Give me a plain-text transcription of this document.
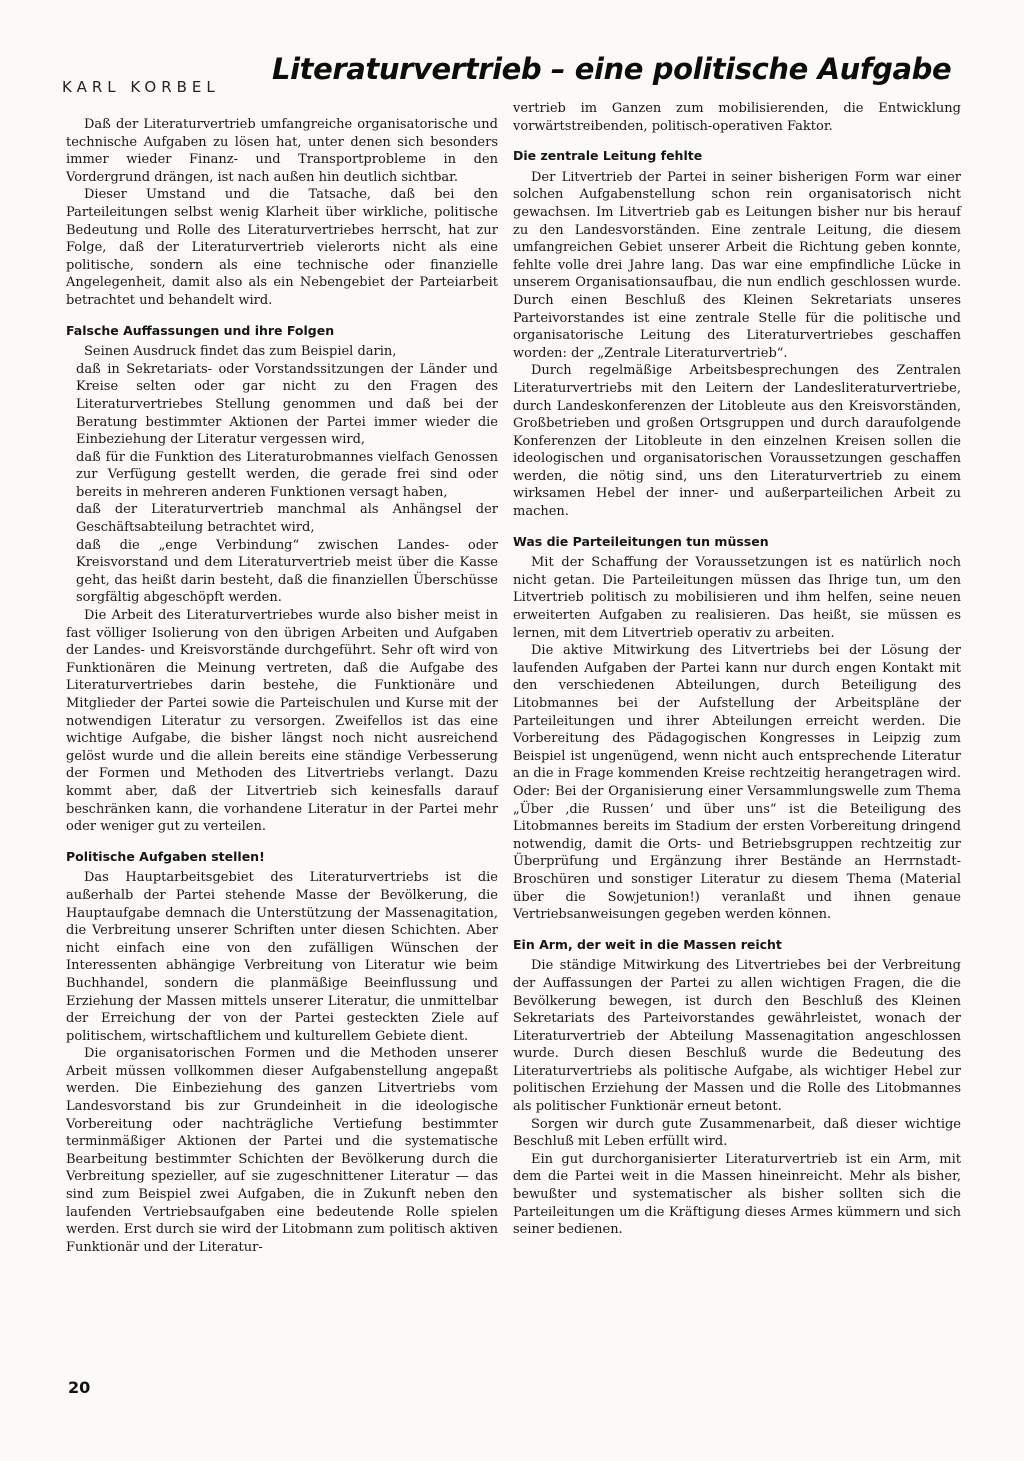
KARL KORBEL
Literaturvertrieb – eine politische Aufgabe

Daß der Literaturvertrieb umfangreiche organisatorische und technische Aufgaben zu lösen hat, unter denen sich besonders immer wieder Finanz- und Transportprobleme in den Vordergrund drängen, ist nach außen hin deutlich sichtbar.

Dieser Umstand und die Tatsache, daß bei den Parteileitungen selbst wenig Klarheit über wirkliche, politische Bedeutung und Rolle des Literaturvertriebes herrscht, hat zur Folge, daß der Literaturvertrieb vielerorts nicht als eine politische, sondern als eine technische oder finanzielle Angelegenheit, damit also als ein Nebengebiet der Parteiarbeit betrachtet und behandelt wird.

Falsche Auffassungen und ihre Folgen

Seinen Ausdruck findet das zum Beispiel darin,

daß in Sekretariats- oder Vorstandssitzungen der Länder und Kreise selten oder gar nicht zu den Fragen des Literaturvertriebes Stellung genommen und daß bei der Beratung bestimmter Aktionen der Partei immer wieder die Einbeziehung der Literatur vergessen wird,

daß für die Funktion des Literaturobmannes vielfach Genossen zur Verfügung gestellt werden, die gerade frei sind oder bereits in mehreren anderen Funktionen versagt haben,

daß der Literaturvertrieb manchmal als Anhängsel der Geschäftsabteilung betrachtet wird,

daß die „enge Verbindung“ zwischen Landes- oder Kreisvorstand und dem Literaturvertrieb meist über die Kasse geht, das heißt darin besteht, daß die finanziellen Überschüsse sorgfältig abgeschöpft werden.

Die Arbeit des Literaturvertriebes wurde also bisher meist in fast völliger Isolierung von den übrigen Arbeiten und Aufgaben der Landes- und Kreisvorstände durchgeführt. Sehr oft wird von Funktionären die Meinung vertreten, daß die Aufgabe des Literaturvertriebes darin bestehe, die Funktionäre und Mitglieder der Partei sowie die Parteischulen und Kurse mit der notwendigen Literatur zu versorgen. Zweifellos ist das eine wichtige Aufgabe, die bisher längst noch nicht ausreichend gelöst wurde und die allein bereits eine ständige Verbesserung der Formen und Methoden des Litvertriebs verlangt. Dazu kommt aber, daß der Litvertrieb sich keinesfalls darauf beschränken kann, die vorhandene Literatur in der Partei mehr oder weniger gut zu verteilen.

Politische Aufgaben stellen!

Das Hauptarbeitsgebiet des Literaturvertriebs ist die außerhalb der Partei stehende Masse der Bevölkerung, die Hauptaufgabe demnach die Unterstützung der Massenagitation, die Verbreitung unserer Schriften unter diesen Schichten. Aber nicht einfach eine von den zufälligen Wünschen der Interessenten abhängige Verbreitung von Literatur wie beim Buchhandel, sondern die planmäßige Beeinflussung und Erziehung der Massen mittels unserer Literatur, die unmittelbar der Erreichung der von der Partei gesteckten Ziele auf politischem, wirtschaftlichem und kulturellem Gebiete dient.

Die organisatorischen Formen und die Methoden unserer Arbeit müssen vollkommen dieser Aufgabenstellung angepaßt werden. Die Einbeziehung des ganzen Litvertriebs vom Landesvorstand bis zur Grundeinheit in die ideologische Vorbereitung oder nachträgliche Vertiefung bestimmter terminmäßiger Aktionen der Partei und die systematische Bearbeitung bestimmter Schichten der Bevölkerung durch die Verbreitung spezieller, auf sie zugeschnittener Literatur — das sind zum Beispiel zwei Aufgaben, die in Zukunft neben den laufenden Vertriebsaufgaben eine bedeutende Rolle spielen werden. Erst durch sie wird der Litobmann zum politisch aktiven Funktionär und der Literatur-

vertrieb im Ganzen zum mobilisierenden, die Entwicklung vorwärtstreibenden, politisch-operativen Faktor.

Die zentrale Leitung fehlte

Der Litvertrieb der Partei in seiner bisherigen Form war einer solchen Aufgabenstellung schon rein organisatorisch nicht gewachsen. Im Litvertrieb gab es Leitungen bisher nur bis herauf zu den Landesvorständen. Eine zentrale Leitung, die diesem umfangreichen Gebiet unserer Arbeit die Richtung geben konnte, fehlte volle drei Jahre lang. Das war eine empfindliche Lücke in unserem Organisationsaufbau, die nun endlich geschlossen wurde. Durch einen Beschluß des Kleinen Sekretariats unseres Parteivorstandes ist eine zentrale Stelle für die politische und organisatorische Leitung des Literaturvertriebes geschaffen worden: der „Zentrale Literaturvertrieb“.

Durch regelmäßige Arbeitsbesprechungen des Zentralen Literaturvertriebs mit den Leitern der Landesliteraturvertriebe, durch Landeskonferenzen der Litobleute aus den Kreisvorständen, Großbetrieben und großen Ortsgruppen und durch daraufolgende Konferenzen der Litobleute in den einzelnen Kreisen sollen die ideologischen und organisatorischen Voraussetzungen geschaffen werden, die nötig sind, uns den Literaturvertrieb zu einem wirksamen Hebel der inner- und außerparteilichen Arbeit zu machen.

Was die Parteileitungen tun müssen

Mit der Schaffung der Voraussetzungen ist es natürlich noch nicht getan. Die Parteileitungen müssen das Ihrige tun, um den Litvertrieb politisch zu mobilisieren und ihm helfen, seine neuen erweiterten Aufgaben zu realisieren. Das heißt, sie müssen es lernen, mit dem Litvertrieb operativ zu arbeiten.

Die aktive Mitwirkung des Litvertriebs bei der Lösung der laufenden Aufgaben der Partei kann nur durch engen Kontakt mit den verschiedenen Abteilungen, durch Beteiligung des Litobmannes bei der Aufstellung der Arbeitspläne der Parteileitungen und ihrer Abteilungen erreicht werden. Die Vorbereitung des Pädagogischen Kongresses in Leipzig zum Beispiel ist ungenügend, wenn nicht auch entsprechende Literatur an die in Frage kommenden Kreise rechtzeitig herangetragen wird. Oder: Bei der Organisierung einer Versammlungswelle zum Thema „Über ‚die Russen‘ und über uns“ ist die Beteiligung des Litobmannes bereits im Stadium der ersten Vorbereitung dringend notwendig, damit die Orts- und Betriebsgruppen rechtzeitig zur Überprüfung und Ergänzung ihrer Bestände an Herrnstadt-Broschüren und sonstiger Literatur zu diesem Thema (Material über die Sowjetunion!) veranlaßt und ihnen genaue Vertriebsanweisungen gegeben werden können.

Ein Arm, der weit in die Massen reicht

Die ständige Mitwirkung des Litvertriebes bei der Verbreitung der Auffassungen der Partei zu allen wichtigen Fragen, die die Bevölkerung bewegen, ist durch den Beschluß des Kleinen Sekretariats des Parteivorstandes gewährleistet, wonach der Literaturvertrieb der Abteilung Massenagitation angeschlossen wurde. Durch diesen Beschluß wurde die Bedeutung des Literaturvertriebs als politische Aufgabe, als wichtiger Hebel zur politischen Erziehung der Massen und die Rolle des Litobmannes als politischer Funktionär erneut betont.

Sorgen wir durch gute Zusammenarbeit, daß dieser wichtige Beschluß mit Leben erfüllt wird.

Ein gut durchorganisierter Literaturvertrieb ist ein Arm, mit dem die Partei weit in die Massen hineinreicht. Mehr als bisher, bewußter und systematischer als bisher sollten sich die Parteileitungen um die Kräftigung dieses Armes kümmern und sich seiner bedienen.

20
